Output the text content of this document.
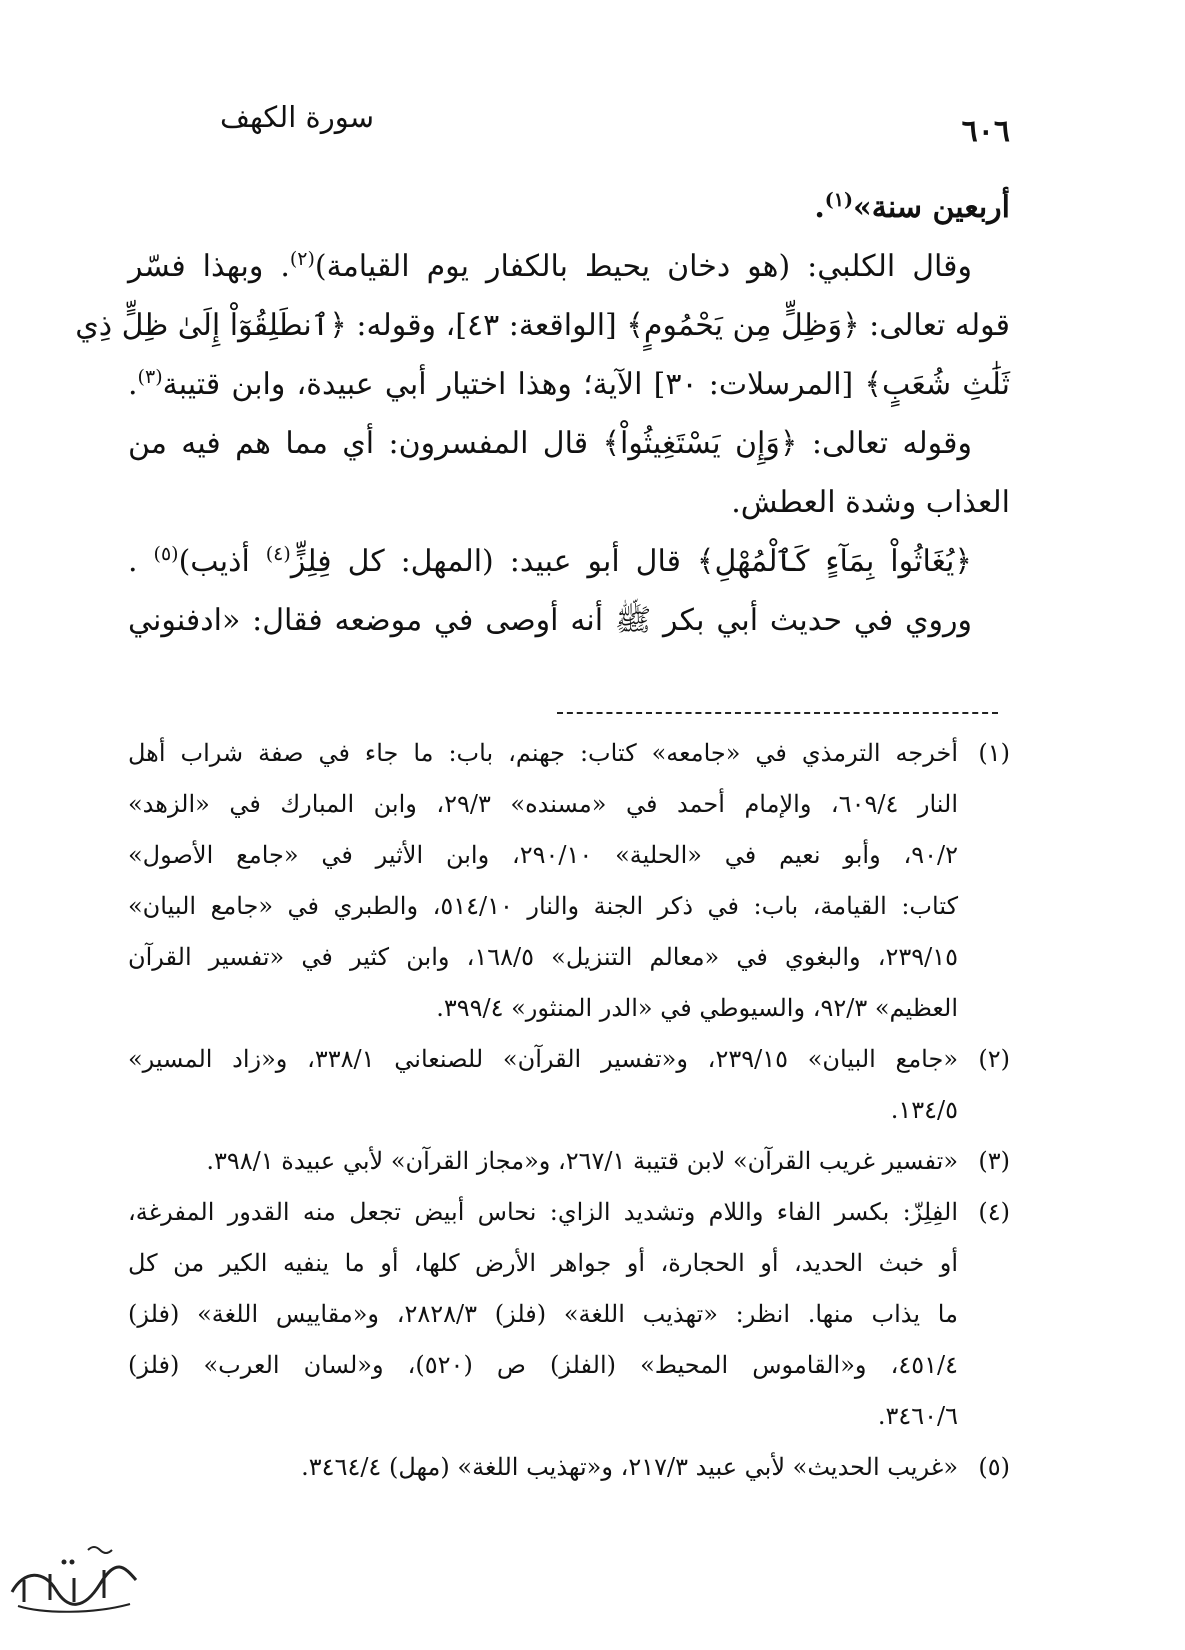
٦٠٦
سورة الكهف
أربعين سنة»$^{(١)}$.
وقال الكلبي: (هو دخان يحيط بالكفار يوم القيامة)$^{(٢)}$. وبهذا فسّر
قوله تعالى: ﴿وَظِلٍّ مِن يَحْمُومٍ﴾ [الواقعة: ٤٣]، وقوله: ﴿ٱنطَلِقُوٓاْ إِلَىٰ ظِلٍّ ذِي
ثَلَٰثِ شُعَبٍ﴾ [المرسلات: ٣٠] الآية؛ وهذا اختيار أبي عبيدة، وابن قتيبة$^{(٣)}$.
وقوله تعالى: ﴿وَإِن يَسْتَغِيثُواْ﴾ قال المفسرون: أي مما هم فيه من
العذاب وشدة العطش.
﴿يُغَاثُواْ بِمَآءٍ كَٱلْمُهْلِ﴾ قال أبو عبيد: (المهل: كل فِلِزٍّ$^{(٤)}$ أذيب)$^{(٥)}$ .
وروي في حديث أبي بكر ﷺ أنه أوصى في موضعه فقال: «ادفنوني
(١)
أخرجه الترمذي في «جامعه» كتاب: جهنم، باب: ما جاء في صفة شراب أهل
النار ٦٠٩/٤، والإمام أحمد في «مسنده» ٢٩/٣، وابن المبارك في «الزهد»
٩٠/٢، وأبو نعيم في «الحلية» ٢٩٠/١٠، وابن الأثير في «جامع الأصول»
كتاب: القيامة، باب: في ذكر الجنة والنار ٥١٤/١٠، والطبري في «جامع البيان»
٢٣٩/١٥، والبغوي في «معالم التنزيل» ١٦٨/٥، وابن كثير في «تفسير القرآن
العظيم» ٩٢/٣، والسيوطي في «الدر المنثور» ٣٩٩/٤.
(٢)
«جامع البيان» ٢٣٩/١٥، و«تفسير القرآن» للصنعاني ٣٣٨/١، و«زاد المسير»
١٣٤/٥.
(٣)
«تفسير غريب القرآن» لابن قتيبة ٢٦٧/١، و«مجاز القرآن» لأبي عبيدة ٣٩٨/١.
(٤)
الفِلِزّ: بكسر الفاء واللام وتشديد الزاي: نحاس أبيض تجعل منه القدور المفرغة،
أو خبث الحديد، أو الحجارة، أو جواهر الأرض كلها، أو ما ينفيه الكير من كل
ما يذاب منها. انظر: «تهذيب اللغة» (فلز) ٢٨٢٨/٣، و«مقاييس اللغة» (فلز)
٤٥١/٤، و«القاموس المحيط» (الفلز) ص (٥٢٠)، و«لسان العرب» (فلز)
٣٤٦٠/٦.
(٥)
«غريب الحديث» لأبي عبيد ٢١٧/٣، و«تهذيب اللغة» (مهل) ٣٤٦٤/٤.
